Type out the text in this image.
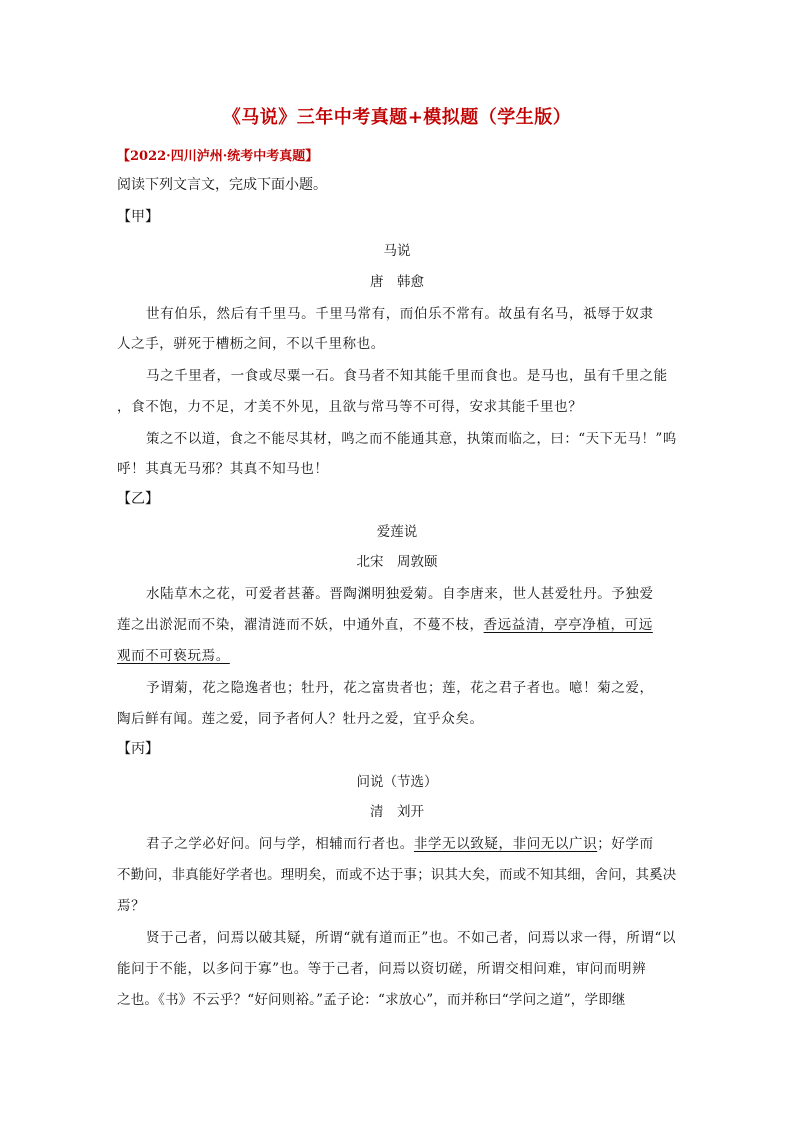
《马说》三年中考真题+模拟题（学生版）
【2022·四川泸州·统考中考真题】
阅读下列文言文，完成下面小题。
【甲】
马说
唐　韩愈
世有伯乐，然后有千里马。千里马常有，而伯乐不常有。故虽有名马，祗辱于奴隶
人之手，骈死于槽枥之间，不以千里称也。
马之千里者，一食或尽粟一石。食马者不知其能千里而食也。是马也，虽有千里之能
，食不饱，力不足，才美不外见，且欲与常马等不可得，安求其能千里也？
策之不以道，食之不能尽其材，鸣之而不能通其意，执策而临之，曰：“天下无马！”呜
呼！其真无马邪？其真不知马也！
【乙】
爱莲说
北宋　周敦颐
水陆草木之花，可爱者甚蕃。晋陶渊明独爱菊。自李唐来，世人甚爱牡丹。予独爱
莲之出淤泥而不染，濯清涟而不妖，中通外直，不蔓不枝，香远益清，亭亭净植，可远
观而不可亵玩焉。
予谓菊，花之隐逸者也；牡丹，花之富贵者也；莲，花之君子者也。噫！菊之爱，
陶后鲜有闻。莲之爱，同予者何人？牡丹之爱，宜乎众矣。
【丙】
问说（节选）
清　刘开
君子之学必好问。问与学，相辅而行者也。非学无以致疑，非问无以广识；好学而
不勤问，非真能好学者也。理明矣，而或不达于事；识其大矣，而或不知其细，舍问，其奚决
焉？
贤于己者，问焉以破其疑，所谓“就有道而正”也。不如己者，问焉以求一得，所谓“以
能问于不能，以多问于寡”也。等于己者，问焉以资切磋，所谓交相问难，审问而明辨
之也。《书》不云乎？“好问则裕。”孟子论：“求放心”，而并称曰“学问之道”，学即继
